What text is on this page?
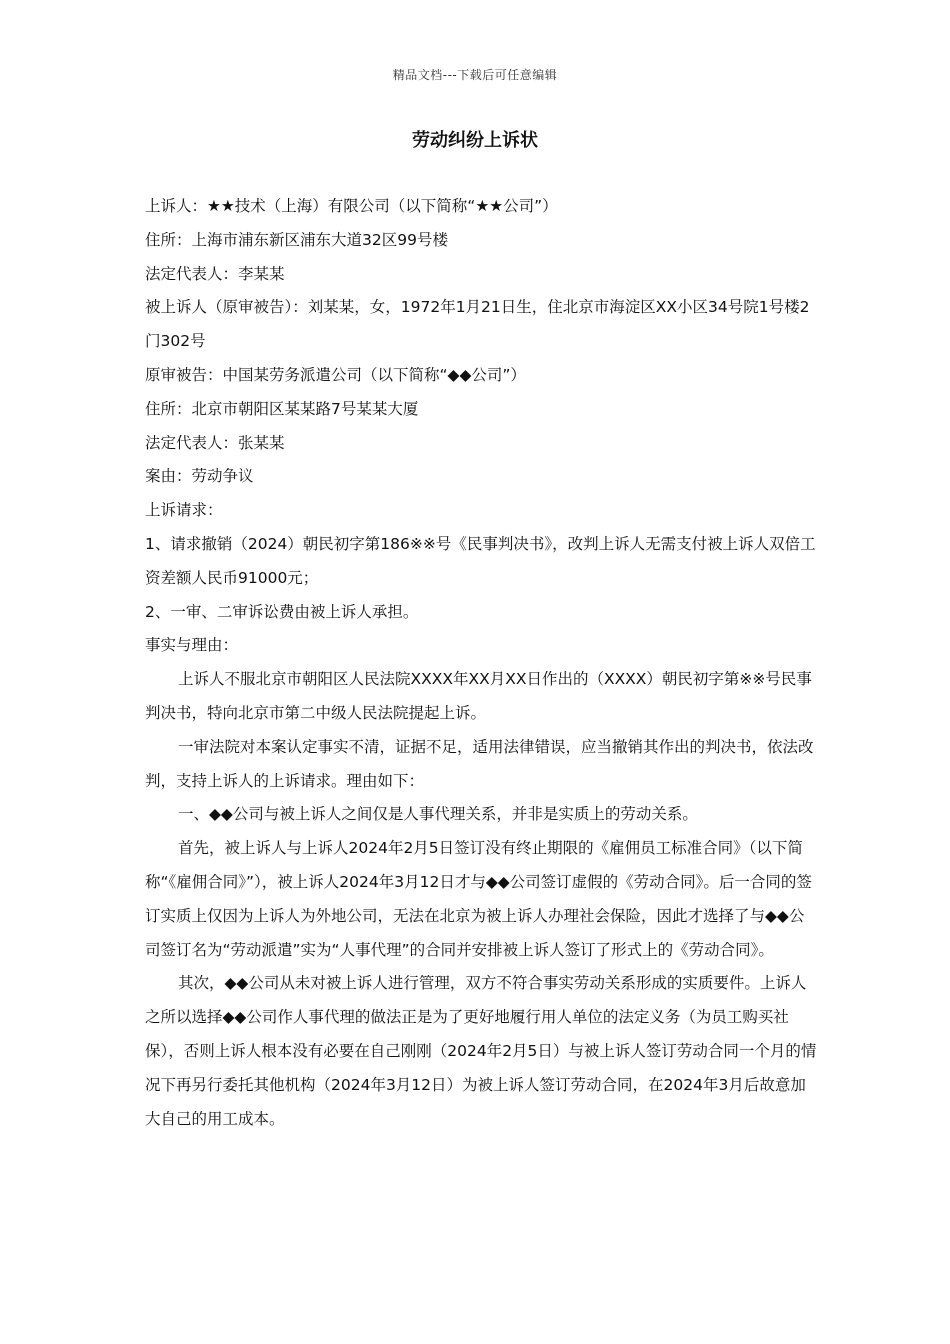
精品文档---下载后可任意编辑
劳动纠纷上诉状

上诉人：★★技术（上海）有限公司（以下简称“★★公司”）

住所：上海市浦东新区浦东大道32区99号楼

法定代表人：李某某

被上诉人（原审被告）：刘某某，女，1972年1月21日生，住北京市海淀区XX小区34号院1号楼2门302号

原审被告：中国某劳务派遣公司（以下简称“◆◆公司”）

住所：北京市朝阳区某某路7号某某大厦

法定代表人：张某某

案由：劳动争议

上诉请求：

1、请求撤销（2024）朝民初字第186※※号《民事判决书》，改判上诉人无需支付被上诉人双倍工资差额人民币91000元；

2、一审、二审诉讼费由被上诉人承担。

事实与理由：

上诉人不服北京市朝阳区人民法院XXXX年XX月XX日作出的（XXXX）朝民初字第※※号民事判决书，特向北京市第二中级人民法院提起上诉。

一审法院对本案认定事实不清，证据不足，适用法律错误，应当撤销其作出的判决书，依法改判，支持上诉人的上诉请求。理由如下：

一、◆◆公司与被上诉人之间仅是人事代理关系，并非是实质上的劳动关系。

首先，被上诉人与上诉人2024年2月5日签订没有终止期限的《雇佣员工标准合同》（以下简称“《雇佣合同》”），被上诉人2024年3月12日才与◆◆公司签订虚假的《劳动合同》。后一合同的签订实质上仅因为上诉人为外地公司，无法在北京为被上诉人办理社会保险，因此才选择了与◆◆公司签订名为“劳动派遣”实为“人事代理”的合同并安排被上诉人签订了形式上的《劳动合同》。

其次，◆◆公司从未对被上诉人进行管理，双方不符合事实劳动关系形成的实质要件。上诉人之所以选择◆◆公司作人事代理的做法正是为了更好地履行用人单位的法定义务（为员工购买社保），否则上诉人根本没有必要在自己刚刚（2024年2月5日）与被上诉人签订劳动合同一个月的情况下再另行委托其他机构（2024年3月12日）为被上诉人签订劳动合同，在2024年3月后故意加大自己的用工成本。
